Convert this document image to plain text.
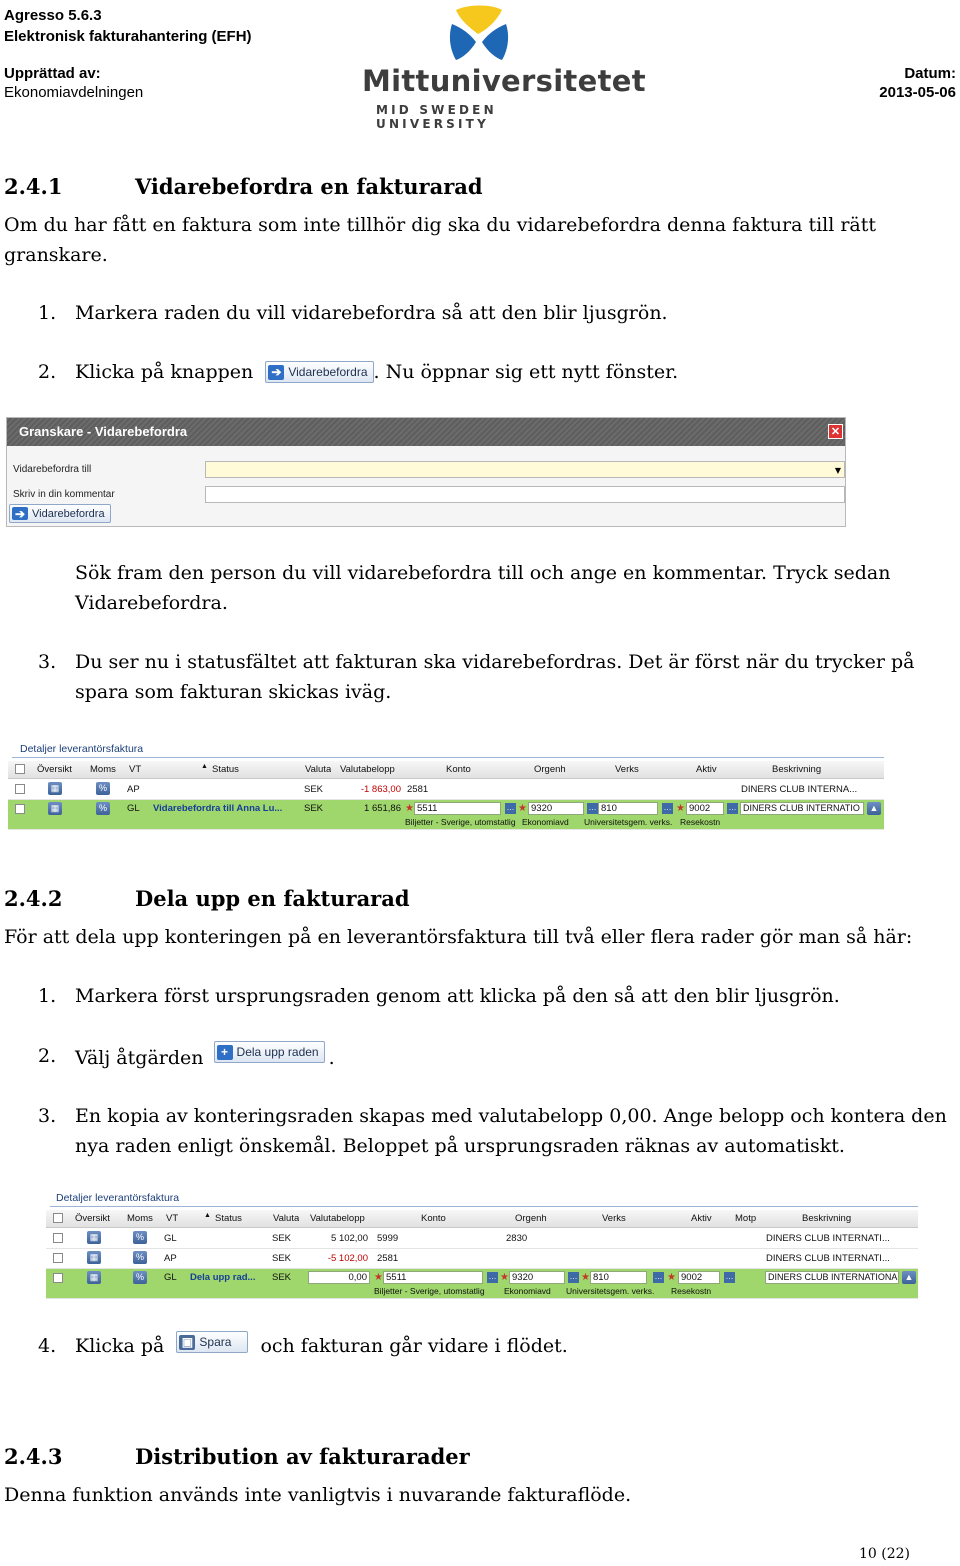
Agresso 5.6.3
Elektronisk fakturahantering (EFH)
Upprättad av:
Ekonomiavdelningen
Datum:
2013-05-06
Mittuniversitetet
MID SWEDEN UNIVERSITY
2.4.1	Vidarebefordra en fakturarad
Om du har fått en faktura som inte tillhör dig ska du vidarebefordra denna faktura till rätt granskare.
1. Markera raden du vill vidarebefordra så att den blir ljusgrön.
2. Klicka på knappen ➔ Vidarebefordra . Nu öppnar sig ett nytt fönster.
Granskare - Vidarebefordra	✕
Vidarebefordra till	▼
Skriv in din kommentar
➔ Vidarebefordra
Sök fram den person du vill vidarebefordra till och ange en kommentar. Tryck sedan Vidarebefordra.
3. Du ser nu i statusfältet att fakturan ska vidarebefordras. Det är först när du trycker på spara som fakturan skickas iväg.
Detaljer leverantörsfaktura
Översikt Moms VT	▲ Status	Valuta Valutabelopp	Konto	Orgenh	Verks	Aktiv	Beskrivning
▦	%	AP	SEK	-1 863,00 2581	DINERS CLUB INTERNA...
▦	%	GL Vidarebefordra till Anna Lu...	SEK	1 651,86 ★ 5511	… ★ 9320	… 810	… ★ 9002	… DINERS CLUB INTERNATIO	▲
Biljetter - Sverige, utomstatlig Ekonomiavd Universitetsgem. verks. Resekostn
2.4.2	Dela upp en fakturarad
För att dela upp konteringen på en leverantörsfaktura till två eller flera rader gör man så här:
1. Markera först ursprungsraden genom att klicka på den så att den blir ljusgrön.
2. Välj åtgärden	+ Dela upp raden .
3. En kopia av konteringsraden skapas med valutabelopp 0,00. Ange belopp och kontera den nya raden enligt önskemål. Beloppet på ursprungsraden räknas av automatiskt.
Detaljer leverantörsfaktura
Översikt Moms VT	▲ Status	Valuta Valutabelopp	Konto	Orgenh	Verks	Aktiv Motp	Beskrivning
▦	%	GL	SEK	5 102,00 5999	2830	DINERS CLUB INTERNATI...
▦	%	AP	SEK	-5 102,00 2581	DINERS CLUB INTERNATI...
▦	%	GL Dela upp rad...	SEK	0,00 ★ 5511	… ★ 9320	… ★ 810	… ★ 9002	…	DINERS CLUB INTERNATIONA ▲
Biljetter - Sverige, utomstatlig Ekonomiavd Universitetsgem. verks. Resekostn
4. Klicka på ▣ Spara och fakturan går vidare i flödet.
2.4.3	Distribution av fakturarader
Denna funktion används inte vanligtvis i nuvarande fakturaflöde.
10 (22)
